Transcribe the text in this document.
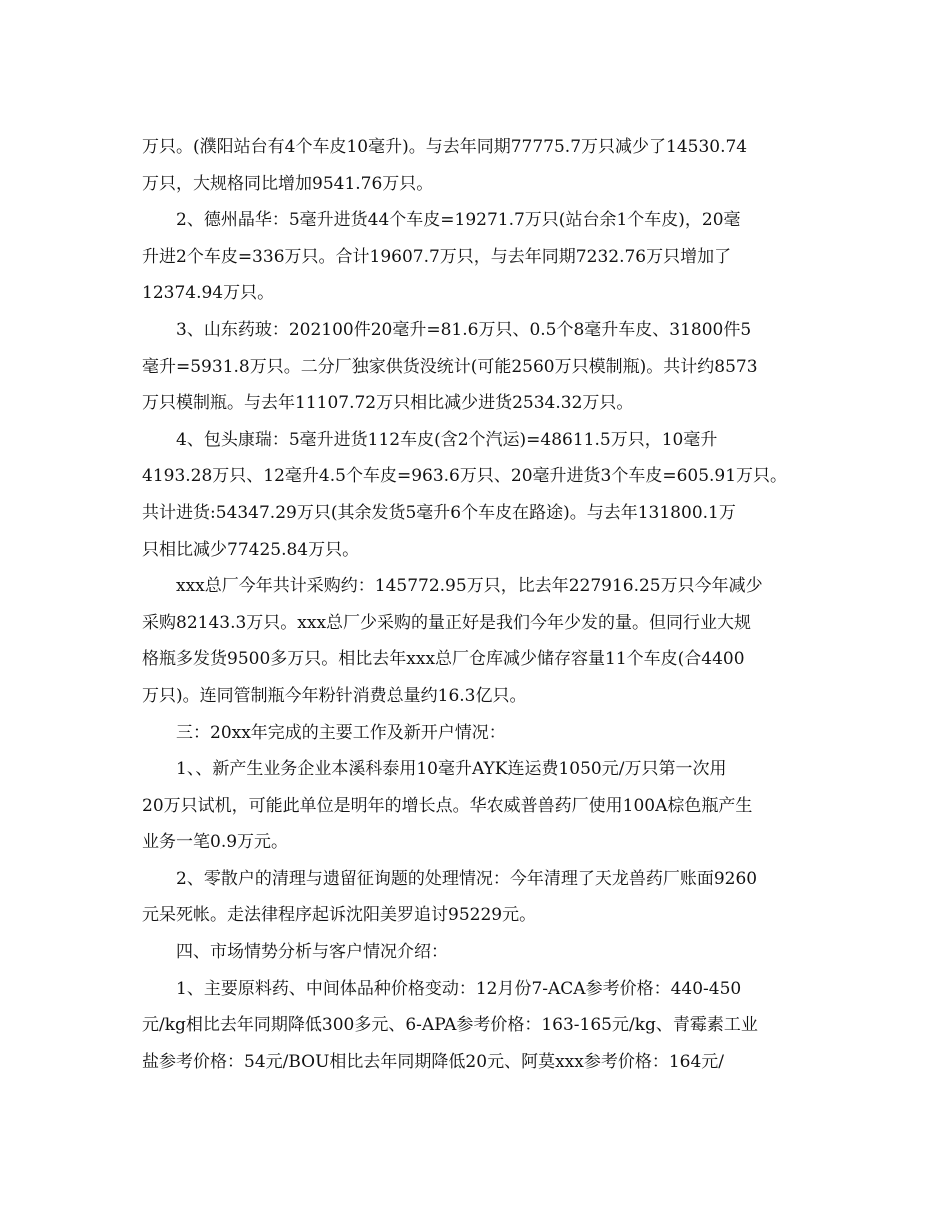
万只。(濮阳站台有4个车皮10毫升)。与去年同期77775.7万只减少了14530.74
万只，大规格同比增加9541.76万只。
2、德州晶华：5毫升进货44个车皮=19271.7万只(站台余1个车皮)，20毫
升进2个车皮=336万只。合计19607.7万只，与去年同期7232.76万只增加了
12374.94万只。
3、山东药玻：202100件20毫升=81.6万只、0.5个8毫升车皮、31800件5
毫升=5931.8万只。二分厂独家供货没统计(可能2560万只模制瓶)。共计约8573
万只模制瓶。与去年11107.72万只相比减少进货2534.32万只。
4、包头康瑞：5毫升进货112车皮(含2个汽运)=48611.5万只，10毫升
4193.28万只、12毫升4.5个车皮=963.6万只、20毫升进货3个车皮=605.91万只。
共计进货:54347.29万只(其余发货5毫升6个车皮在路途)。与去年131800.1万
只相比减少77425.84万只。
xxx总厂今年共计采购约：145772.95万只，比去年227916.25万只今年减少
采购82143.3万只。xxx总厂少采购的量正好是我们今年少发的量。但同行业大规
格瓶多发货9500多万只。相比去年xxx总厂仓库减少储存容量11个车皮(合4400
万只)。连同管制瓶今年粉针消费总量约16.3亿只。
三：20xx年完成的主要工作及新开户情况：
1、、新产生业务企业本溪科泰用10毫升AYK连运费1050元/万只第一次用
20万只试机，可能此单位是明年的增长点。华农威普兽药厂使用100A棕色瓶产生
业务一笔0.9万元。
2、零散户的清理与遗留征询题的处理情况：今年清理了天龙兽药厂账面9260
元呆死帐。走法律程序起诉沈阳美罗追讨95229元。
四、市场情势分析与客户情况介绍：
1、主要原料药、中间体品种价格变动：12月份7-ACA参考价格：440-450
元/kg相比去年同期降低300多元、6-APA参考价格：163-165元/kg、青霉素工业
盐参考价格：54元/BOU相比去年同期降低20元、阿莫xxx参考价格：164元/
